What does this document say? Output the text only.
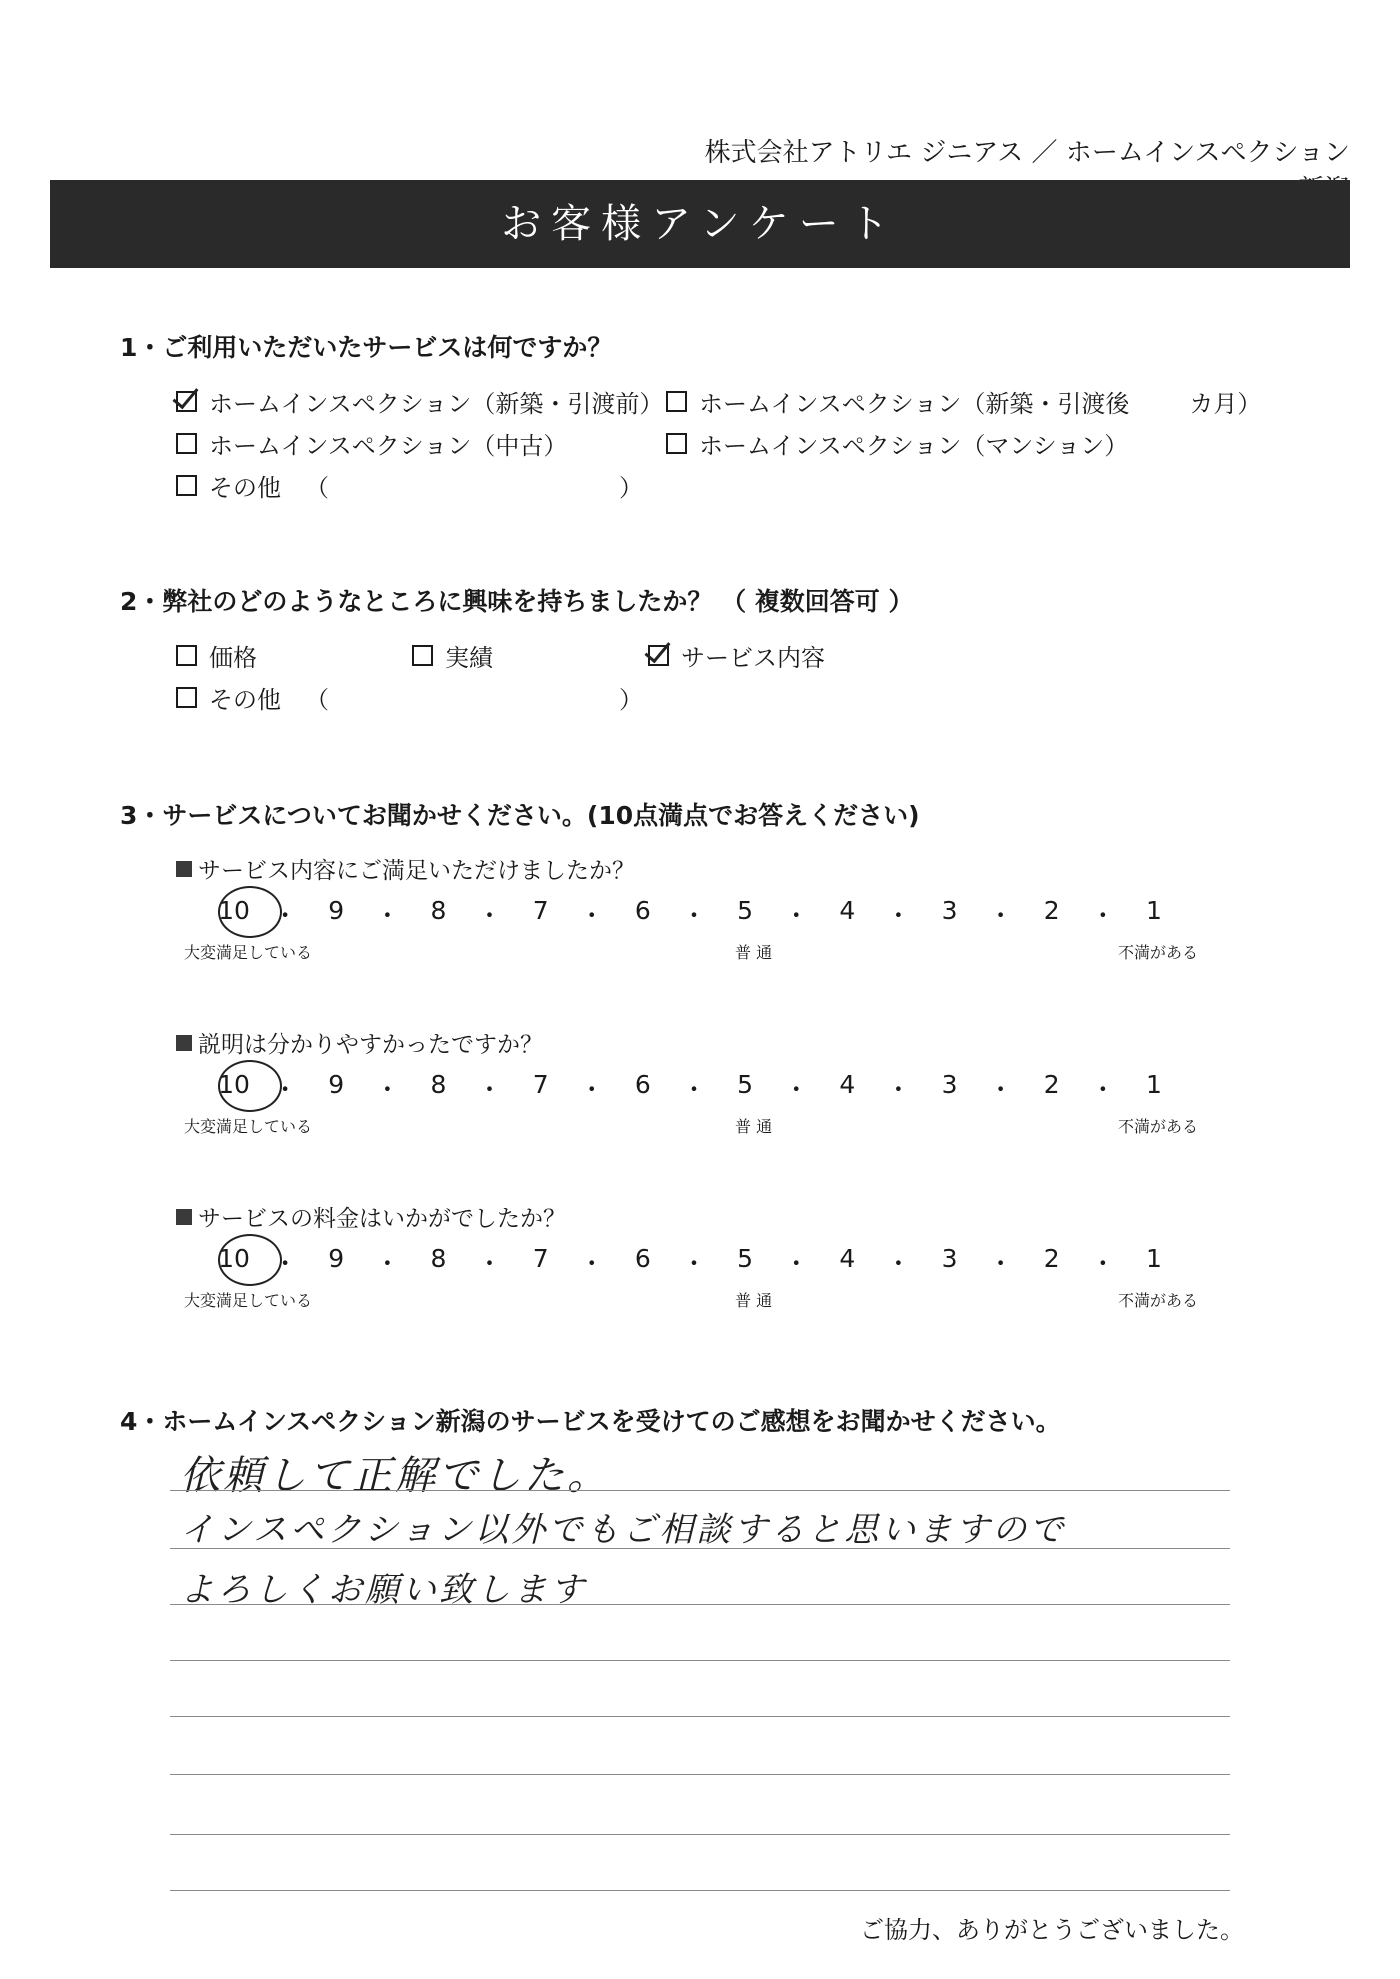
株式会社アトリエ ジニアス ／ ホームインスペクション
お客様アンケート
1・ご利用いただいたサービスは何ですか？
ホームインスペクション（新築・引渡前） ホームインスペクション（新築・引渡後	カ月）
ホームインスペクション（中古）	ホームインスペクション（マンション）
その他 （	）
2・弊社のどのようなところに興味を持ちましたか？ （ 複数回答可 ）
価格	実績	サービス内容
その他 （	）
3・サービスについてお聞かせください。(10点満点でお答えください)
サービス内容にご満足いただけましたか？
10 ・	9	・	8	・	7	・	6	・	5	・	4	・	3	・	2	・	1
大変満足している	普 通	不満がある
説明は分かりやすかったですか？
10 ・	9	・	8	・	7	・	6	・	5	・	4	・	3	・	2	・	1
大変満足している	普 通	不満がある
サービスの料金はいかがでしたか？
10 ・	9	・	8	・	7	・	6	・	5	・	4	・	3	・	2	・	1
大変満足している	普 通	不満がある
4・ホームインスペクション新潟のサービスを受けてのご感想をお聞かせください。
依頼して正解でした。
インスペクション以外でもご相談すると思いますので
よろしくお願い致します
ご協力、ありがとうございました。
